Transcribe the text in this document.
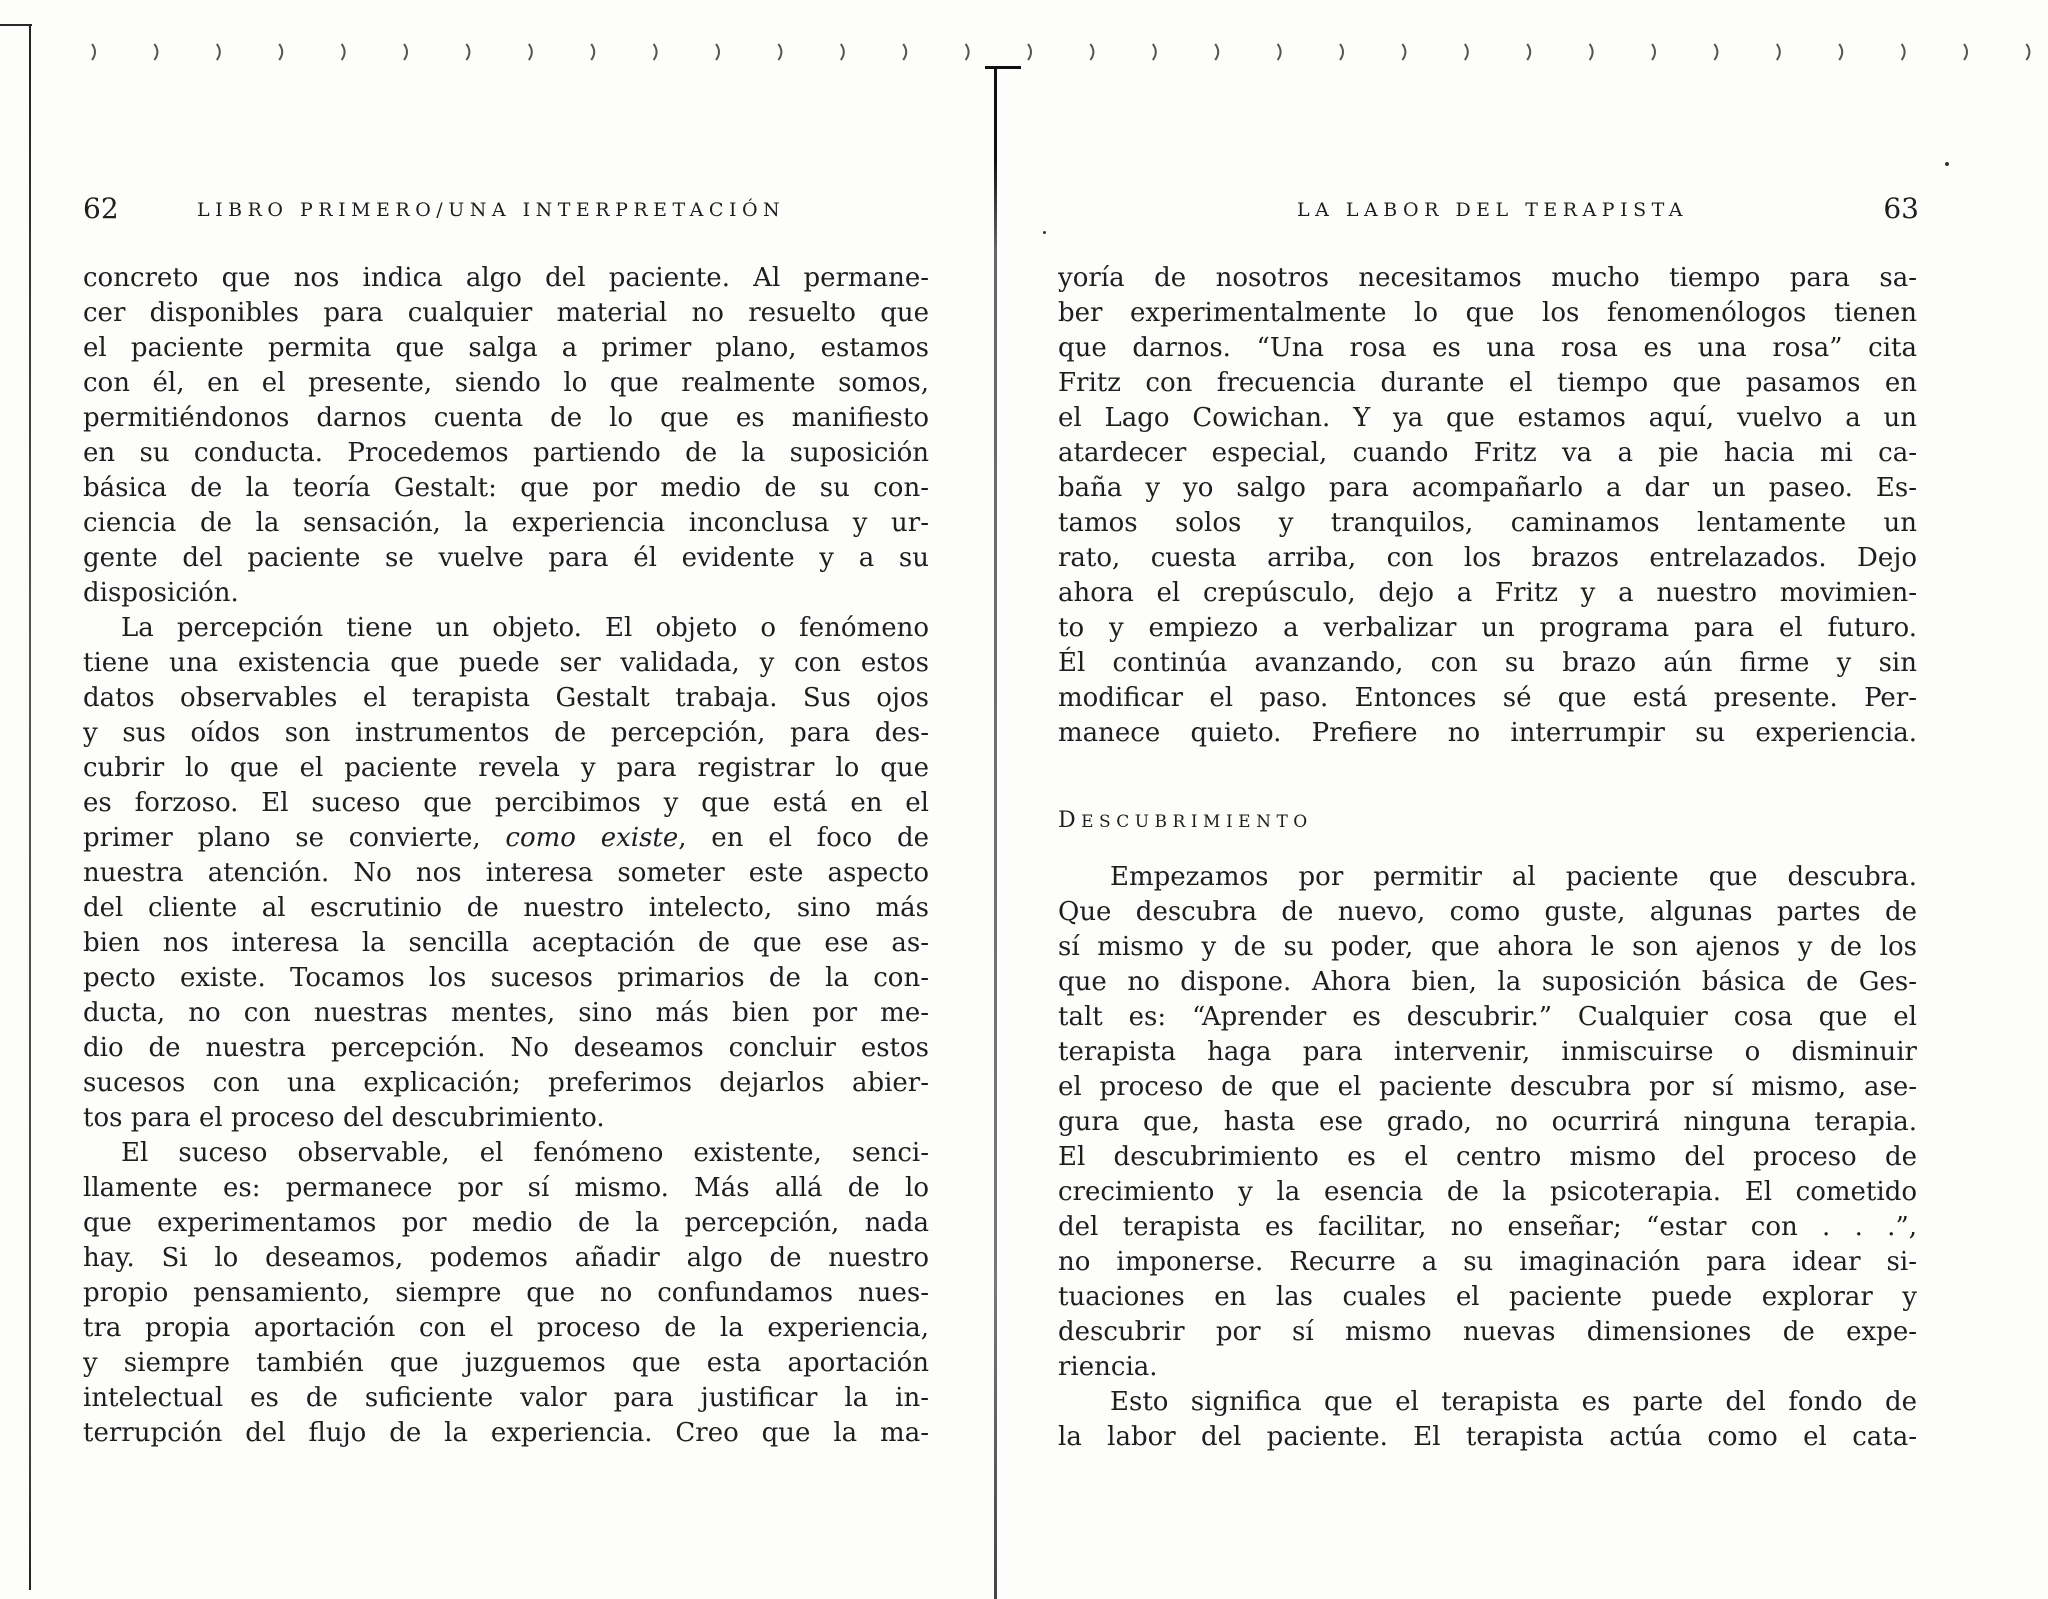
62	LIBRO PRIMERO/UNA INTERPRETACIÓN
concreto que nos indica algo del paciente. Al permane-
cer disponibles para cualquier material no resuelto que
el paciente permita que salga a primer plano, estamos
con él, en el presente, siendo lo que realmente somos,
permitiéndonos darnos cuenta de lo que es manifiesto
en su conducta. Procedemos partiendo de la suposición
básica de la teoría Gestalt: que por medio de su con-
ciencia de la sensación, la experiencia inconclusa y ur-
gente del paciente se vuelve para él evidente y a su
disposición.
La percepción tiene un objeto. El objeto o fenómeno
tiene una existencia que puede ser validada, y con estos
datos observables el terapista Gestalt trabaja. Sus ojos
y sus oídos son instrumentos de percepción, para des-
cubrir lo que el paciente revela y para registrar lo que
es forzoso. El suceso que percibimos y que está en el
primer plano se convierte, como existe, en el foco de
nuestra atención. No nos interesa someter este aspecto
del cliente al escrutinio de nuestro intelecto, sino más
bien nos interesa la sencilla aceptación de que ese as-
pecto existe. Tocamos los sucesos primarios de la con-
ducta, no con nuestras mentes, sino más bien por me-
dio de nuestra percepción. No deseamos concluir estos
sucesos con una explicación; preferimos dejarlos abier-
tos para el proceso del descubrimiento.
El suceso observable, el fenómeno existente, senci-
llamente es: permanece por sí mismo. Más allá de lo
que experimentamos por medio de la percepción, nada
hay. Si lo deseamos, podemos añadir algo de nuestro
propio pensamiento, siempre que no confundamos nues-
tra propia aportación con el proceso de la experiencia,
y siempre también que juzguemos que esta aportación
intelectual es de suficiente valor para justificar la in-
terrupción del flujo de la experiencia. Creo que la ma-
LA LABOR DEL TERAPISTA	63
yoría de nosotros necesitamos mucho tiempo para sa-
ber experimentalmente lo que los fenomenólogos tienen
que darnos. “Una rosa es una rosa es una rosa” cita
Fritz con frecuencia durante el tiempo que pasamos en
el Lago Cowichan. Y ya que estamos aquí, vuelvo a un
atardecer especial, cuando Fritz va a pie hacia mi ca-
baña y yo salgo para acompañarlo a dar un paseo. Es-
tamos solos y tranquilos, caminamos lentamente un
rato, cuesta arriba, con los brazos entrelazados. Dejo
ahora el crepúsculo, dejo a Fritz y a nuestro movimien-
to y empiezo a verbalizar un programa para el futuro.
Él continúa avanzando, con su brazo aún firme y sin
modificar el paso. Entonces sé que está presente. Per-
manece quieto. Prefiere no interrumpir su experiencia.
DESCUBRIMIENTO
Empezamos por permitir al paciente que descubra.
Que descubra de nuevo, como guste, algunas partes de
sí mismo y de su poder, que ahora le son ajenos y de los
que no dispone. Ahora bien, la suposición básica de Ges-
talt es: “Aprender es descubrir.” Cualquier cosa que el
terapista haga para intervenir, inmiscuirse o disminuir
el proceso de que el paciente descubra por sí mismo, ase-
gura que, hasta ese grado, no ocurrirá ninguna terapia.
El descubrimiento es el centro mismo del proceso de
crecimiento y la esencia de la psicoterapia. El cometido
del terapista es facilitar, no enseñar; “estar con . . .”,
no imponerse. Recurre a su imaginación para idear si-
tuaciones en las cuales el paciente puede explorar y
descubrir por sí mismo nuevas dimensiones de expe-
riencia.
Esto significa que el terapista es parte del fondo de
la labor del paciente. El terapista actúa como el cata-
